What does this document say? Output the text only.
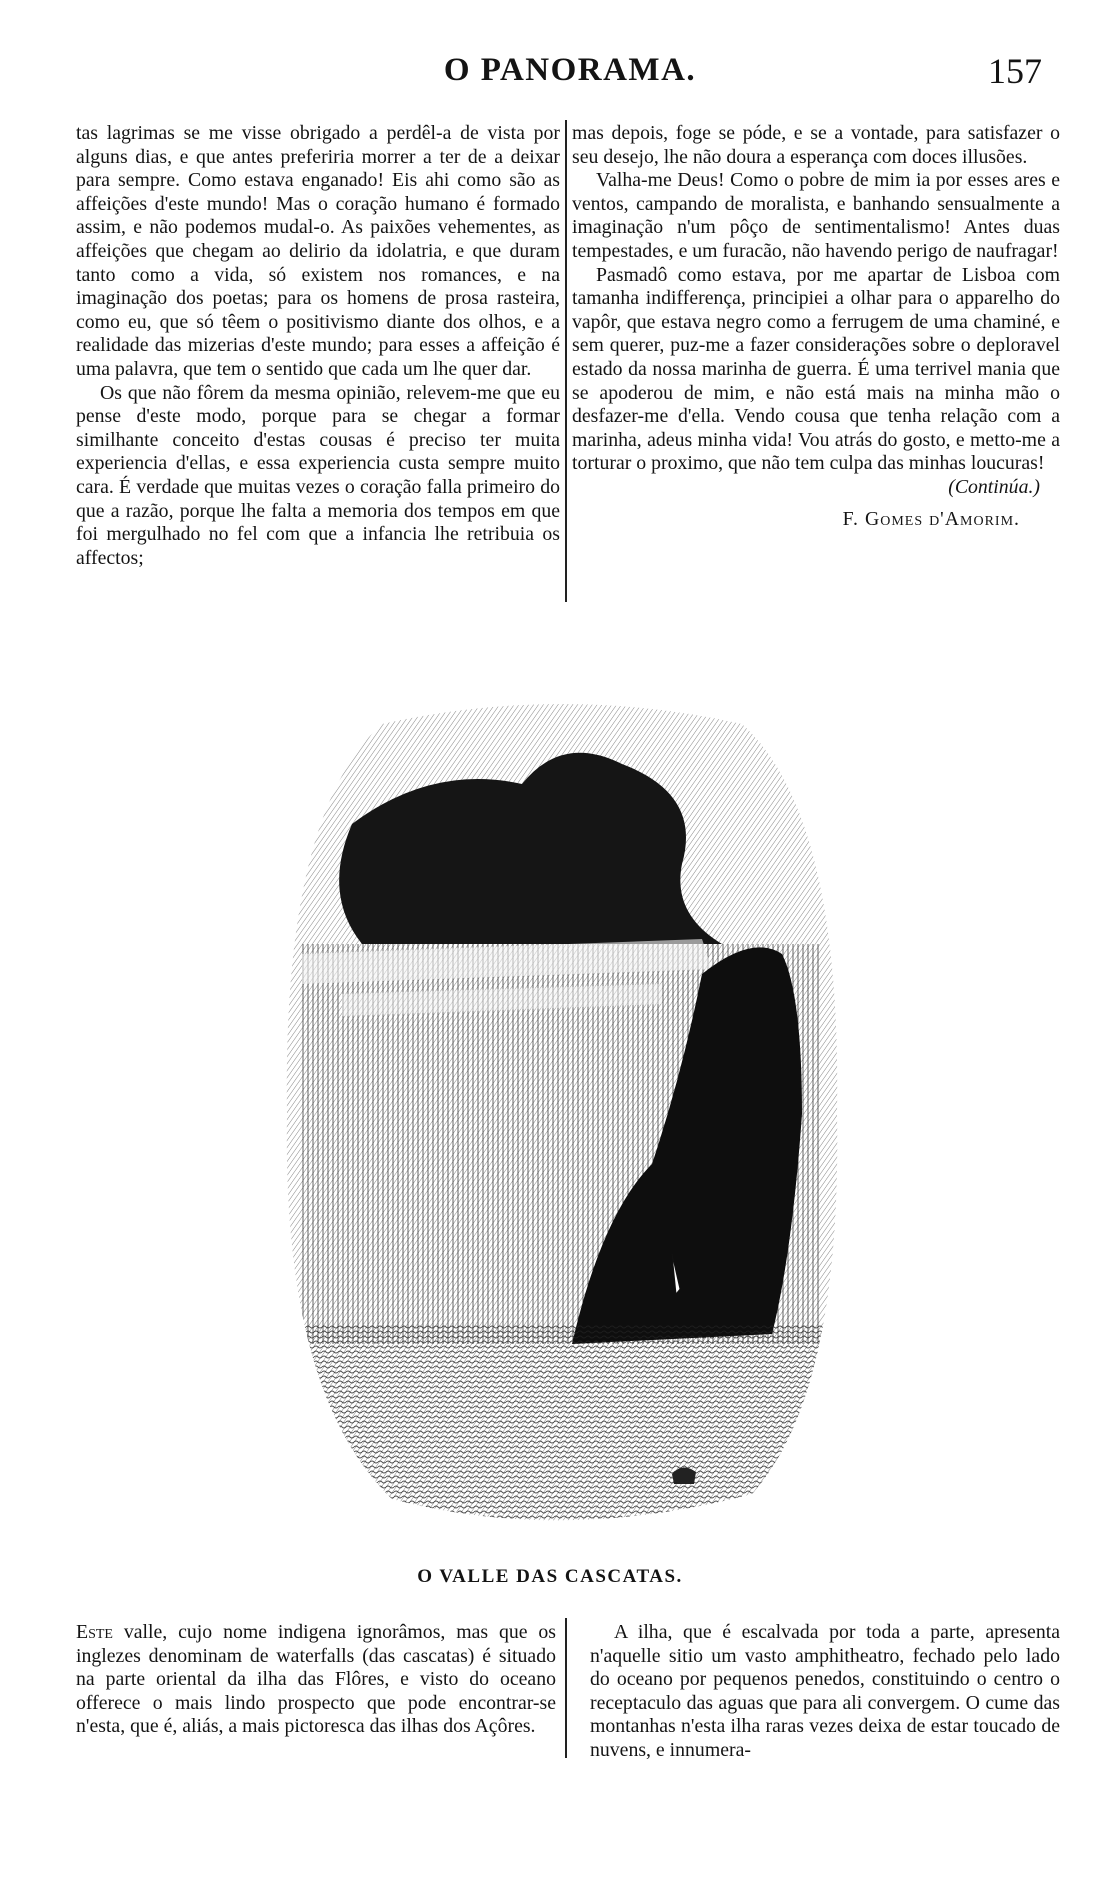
O PANORAMA.	157

tas lagrimas se me visse obrigado a perdêl-a de vista por alguns dias, e que antes preferiria morrer a ter de a deixar para sempre. Como estava enganado! Eis ahi como são as affeições d'este mundo! Mas o coração humano é formado assim, e não podemos mudal-o. As paixões vehementes, as affeições que chegam ao delirio da idolatria, e que duram tanto como a vida, só existem nos romances, e na imaginação dos poetas; para os homens de prosa rasteira, como eu, que só têem o positivismo diante dos olhos, e a realidade das mizerias d'este mundo; para esses a affeição é uma palavra, que tem o sentido que cada um lhe quer dar.

Os que não fôrem da mesma opinião, relevem-me que eu pense d'este modo, porque para se chegar a formar similhante conceito d'estas cousas é preciso ter muita experiencia d'ellas, e essa experiencia custa sempre muito cara. É verdade que muitas vezes o coração falla primeiro do que a razão, porque lhe falta a memoria dos tempos em que foi mergulhado no fel com que a infancia lhe retribuia os affectos;

mas depois, foge se póde, e se a vontade, para satisfazer o seu desejo, lhe não doura a esperança com doces illusões.

Valha-me Deus! Como o pobre de mim ia por esses ares e ventos, campando de moralista, e banhando sensualmente a imaginação n'um pôço de sentimentalismo! Antes duas tempestades, e um furacão, não havendo perigo de naufragar!

Pasmadô como estava, por me apartar de Lisboa com tamanha indifferença, principiei a olhar para o apparelho do vapôr, que estava negro como a ferrugem de uma chaminé, e sem querer, puz-me a fazer considerações sobre o deploravel estado da nossa marinha de guerra. É uma terrivel mania que se apoderou de mim, e não está mais na minha mão o desfazer-me d'ella. Vendo cousa que tenha relação com a marinha, adeus minha vida! Vou atrás do gosto, e metto-me a torturar o proximo, que não tem culpa das minhas loucuras!

(Continúa.)

F. Gomes d'Amorim.

O VALLE DAS CASCATAS.

Este valle, cujo nome indigena ignorâmos, mas que os inglezes denominam de waterfalls (das cascatas) é situado na parte oriental da ilha das Flôres, e visto do oceano offerece o mais lindo prospecto que pode encontrar-se n'esta, que é, aliás, a mais pictoresca das ilhas dos Açôres.

A ilha, que é escalvada por toda a parte, apresenta n'aquelle sitio um vasto amphitheatro, fechado pelo lado do oceano por pequenos penedos, constituindo o centro o receptaculo das aguas que para ali convergem. O cume das montanhas n'esta ilha raras vezes deixa de estar toucado de nuvens, e innumera-
